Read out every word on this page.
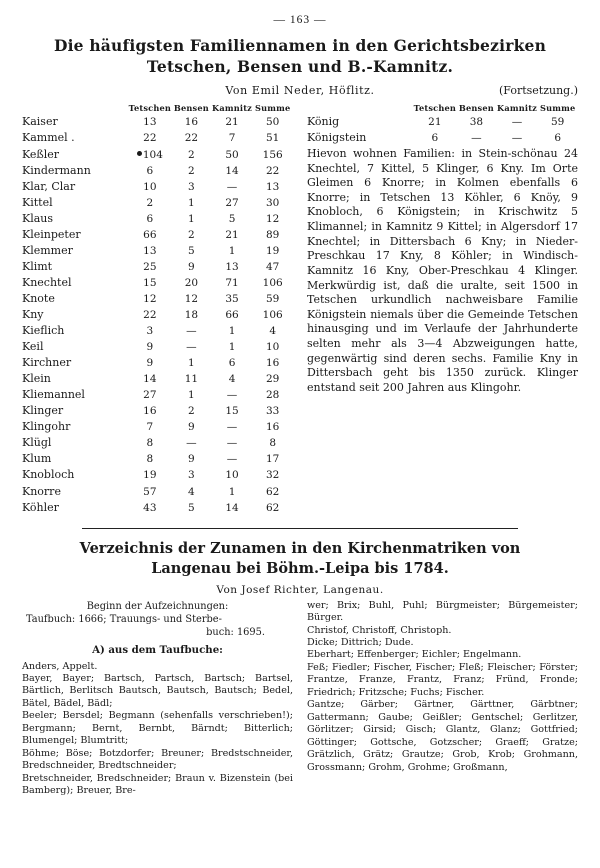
— 163 —
Die häufigsten Familiennamen in den Gerichtsbezirken
Tetschen, Bensen und B.-Kamnitz.
Von Emil Neder, Höflitz.	(Fortsetzung.)
	Tetschen	Bensen	Kamnitz	Summe
Kaiser	13	16	21	50
Kammel .	22	22	7	51
Keßler	104	2	50	156
Kindermann	6	2	14	22
Klar, Clar	10	3	—	13
Kittel	2	1	27	30
Klaus	6	1	5	12
Kleinpeter	66	2	21	89
Klemmer	13	5	1	19
Klimt	25	9	13	47
Knechtel	15	20	71	106
Knote	12	12	35	59
Kny	22	18	66	106
Kieflich	3	—	1	4
Keil	9	—	1	10
Kirchner	9	1	6	16
Klein	14	11	4	29
Kliemannel	27	1	—	28
Klinger	16	2	15	33
Klingohr	7	9	—	16
Klügl	8	—	—	8
Klum	8	9	—	17
Knobloch	19	3	10	32
Knorre	57	4	1	62
Köhler	43	5	14	62
	Tetschen	Bensen	Kamnitz	Summe
König	21	38	—	59
Königstein	6	—	—	6

Hievon wohnen Familien: in Stein-schönau 24 Knechtel, 7 Kittel, 5 Klinger, 6 Kny. Im Orte Gleimen 6 Knorre; in Kolmen ebenfalls 6 Knorre; in Tetschen 13 Köhler, 6 Knöy, 9 Knobloch, 6 Königstein; in Krischwitz 5 Klimannel; in Kamnitz 9 Kittel; in Algersdorf 17 Knechtel; in Dittersbach 6 Kny; in Nieder-Preschkau 17 Kny, 8 Köhler; in Windisch-Kamnitz 16 Kny, Ober-Preschkau 4 Klinger. Merkwürdig ist, daß die uralte, seit 1500 in Tetschen urkundlich nachweisbare Familie Königstein niemals über die Gemeinde Tetschen hinausging und im Verlaufe der Jahrhunderte selten mehr als 3—4 Abzweigungen hatte, gegenwärtig sind deren sechs. Familie Kny in Dittersbach geht bis 1350 zurück. Klinger entstand seit 200 Jahren aus Klingohr.

Verzeichnis der Zunamen in den Kirchenmatriken von
Langenau bei Böhm.-Leipa bis 1784.
Von Josef Richter, Langenau.
Beginn der Aufzeichnungen:
Taufbuch: 1666; Trauungs- und Sterbe-
buch: 1695.
A) aus dem Taufbuche:

Anders, Appelt.

Bayer, Bayer; Bartsch, Partsch, Bartsch; Bartsel, Bärtlich, Berlitsch Bautsch, Bautsch, Bautsch; Bedel, Bätel, Bädel, Bädl;

Beeler; Bersdel; Begmann (sehenfalls verschrieben!); Bergmann; Bernt, Bernbt, Bärndt; Bitterlich; Blumengel; Blumtritt;

Böhme; Böse; Botzdorfer; Breuner; Bredstschneider, Bredschneider, Bredtschneider;

Bretschneider, Bredschneider; Braun v. Bizenstein (bei Bamberg); Breuer, Bre-

wer; Brix; Buhl, Puhl; Bürgmeister; Bürgemeister; Bürger.

Christof, Christoff, Christoph.

Dicke; Dittrich; Dude.

Eberhart; Effenberger; Eichler; Engelmann.

Feß; Fiedler; Fischer, Fischer; Fleß; Fleischer; Förster; Frantze, Franze, Frantz, Franz; Fründ, Fronde; Friedrich; Fritzsche; Fuchs; Fischer.

Gantze; Gärber; Gärtner, Gärttner, Gärbtner; Gattermann; Gaube; Geißler; Gentschel; Gerlitzer, Görlitzer; Girsid; Gisch; Glantz, Glanz; Gottfried; Göttinger; Gottsche, Gotzscher; Graeff; Gratze; Grätzlich, Grätz; Grautze; Grob, Krob; Grohmann, Grossmann; Grohm, Grohme; Großmann,
